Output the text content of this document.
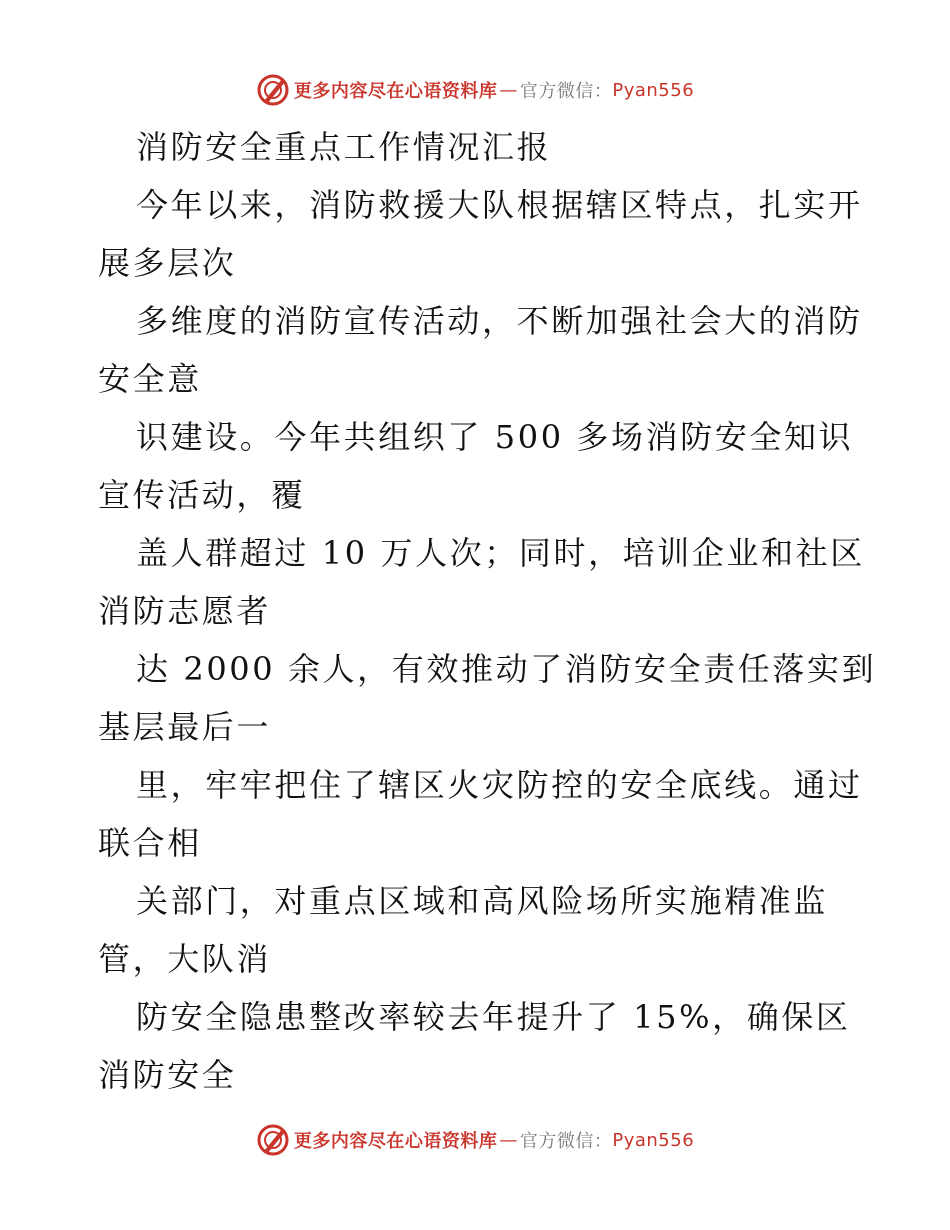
更多内容尽在心语资料库 — 官方微信： Pyan556
消防安全重点工作情况汇报
今年以来，消防救援大队根据辖区特点，扎实开
展多层次
多维度的消防宣传活动，不断加强社会大的消防
安全意
识建设。今年共组织了 500 多场消防安全知识
宣传活动，覆
盖人群超过 10 万人次；同时，培训企业和社区
消防志愿者
达 2000 余人，有效推动了消防安全责任落实到
基层最后一
里，牢牢把住了辖区火灾防控的安全底线。通过
联合相
关部门，对重点区域和高风险场所实施精准监
管，大队消
防安全隐患整改率较去年提升了 15%，确保区
消防安全
更多内容尽在心语资料库 — 官方微信： Pyan556
